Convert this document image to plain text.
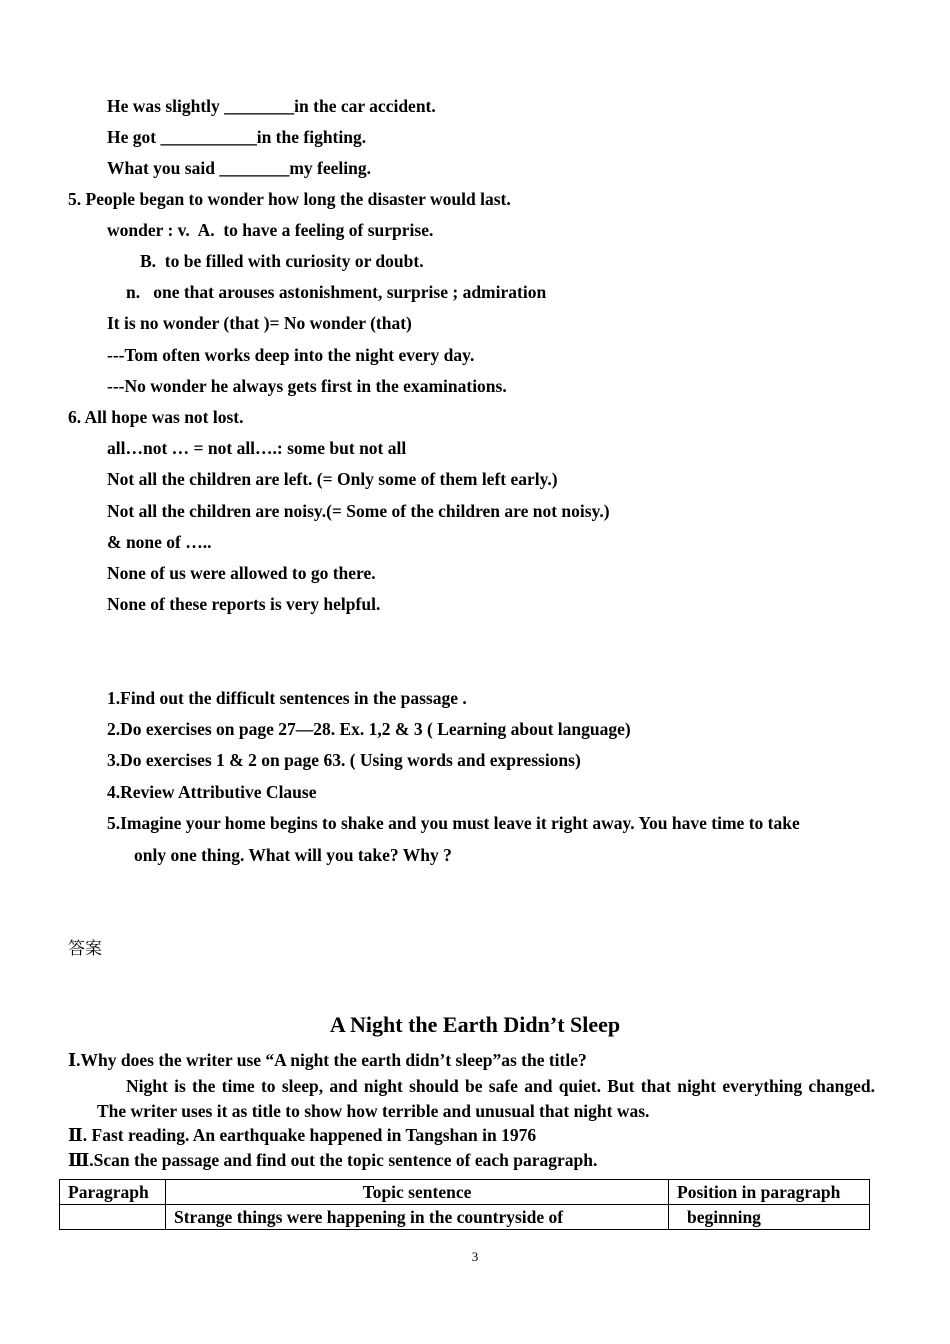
He was slightly ________in the car accident.
He got ___________in the fighting.
What you said ________my feeling.
5. People began to wonder how long the disaster would last.
wonder : v.  A.  to have a feeling of surprise.
B.  to be filled with curiosity or doubt.
n.   one that arouses astonishment, surprise ; admiration
It is no wonder (that )= No wonder (that)
---Tom often works deep into the night every day.
---No wonder he always gets first in the examinations.
6. All hope was not lost.
all…not … = not all….: some but not all
Not all the children are left. (= Only some of them left early.)
Not all the children are noisy.(= Some of the children are not noisy.)
& none of …..
None of us were allowed to go there.
None of these reports is very helpful.
1.Find out the difficult sentences in the passage .
2.Do exercises on page 27—28. Ex. 1,2 & 3 ( Learning about language)
3.Do exercises 1 & 2 on page 63. ( Using words and expressions)
4.Review Attributive Clause
5.Imagine your home begins to shake and you must leave it right away. You have time to take
only one thing. What will you take? Why ?
答案
A Night the Earth Didn’t Sleep
Ⅰ.Why does the writer use “A night the earth didn’t sleep”as the title?
Night is the time to sleep, and night should be safe and quiet. But that night everything changed. The writer uses it as title to show how terrible and unusual that night was.
Ⅱ. Fast reading. An earthquake happened in Tangshan in 1976
Ⅲ.Scan the passage and find out the topic sentence of each paragraph.
Paragraph	Topic sentence	Position in paragraph
	Strange things were happening in the countryside of	beginning
3
